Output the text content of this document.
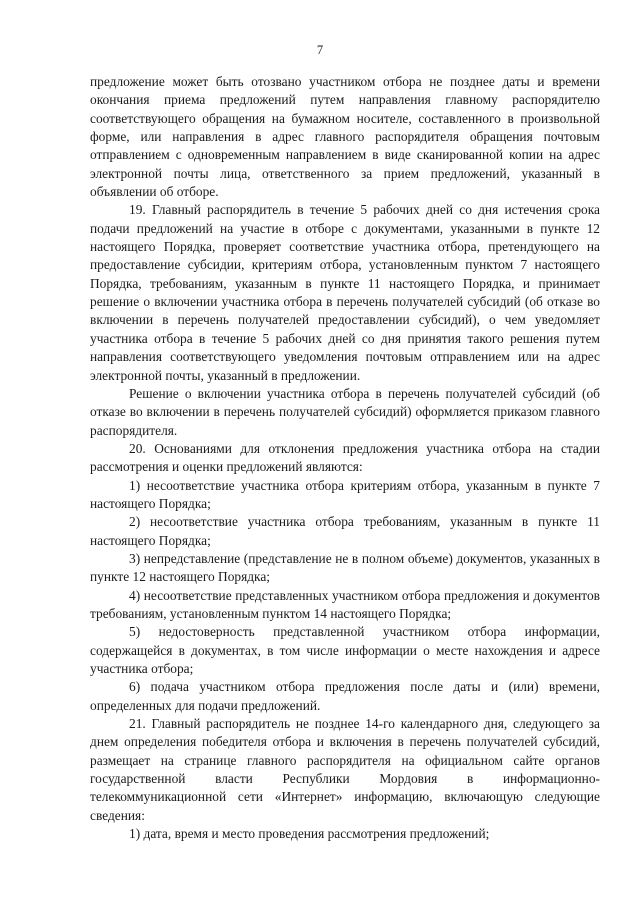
7

предложение может быть отозвано участником отбора не позднее даты и времени окончания приема предложений путем направления главному распорядителю соответствующего обращения на бумажном носителе, составленного в произвольной форме, или направления в адрес главного распорядителя обращения почтовым отправлением с одновременным направлением в виде сканированной копии на адрес электронной почты лица, ответственного за прием предложений, указанный в объявлении об отборе.

19. Главный распорядитель в течение 5 рабочих дней со дня истечения срока подачи предложений на участие в отборе с документами, указанными в пункте 12 настоящего Порядка, проверяет соответствие участника отбора, претендующего на предоставление субсидии, критериям отбора, установленным пунктом 7 настоящего Порядка, требованиям, указанным в пункте 11 настоящего Порядка, и принимает решение о включении участника отбора в перечень получателей субсидий (об отказе во включении в перечень получателей предоставлении субсидий), о чем уведомляет участника отбора в течение 5 рабочих дней со дня принятия такого решения путем направления соответствующего уведомления почтовым отправлением или на адрес электронной почты, указанный в предложении.

Решение о включении участника отбора в перечень получателей субсидий (об отказе во включении в перечень получателей субсидий) оформляется приказом главного распорядителя.

20. Основаниями для отклонения предложения участника отбора на стадии рассмотрения и оценки предложений являются:

1) несоответствие участника отбора критериям отбора, указанным в пункте 7 настоящего Порядка;

2) несоответствие участника отбора требованиям, указанным в пункте 11 настоящего Порядка;

3) непредставление (представление не в полном объеме) документов, указанных в пункте 12 настоящего Порядка;

4) несоответствие представленных участником отбора предложения и документов требованиям, установленным пунктом 14 настоящего Порядка;

5) недостоверность представленной участником отбора информации, содержащейся в документах, в том числе информации о месте нахождения и адресе участника отбора;

6) подача участником отбора предложения после даты и (или) времени, определенных для подачи предложений.

21. Главный распорядитель не позднее 14-го календарного дня, следующего за днем определения победителя отбора и включения в перечень получателей субсидий, размещает на странице главного распорядителя на официальном сайте органов государственной власти Республики Мордовия в информационно-телекоммуникационной сети «Интернет» информацию, включающую следующие сведения:

1) дата, время и место проведения рассмотрения предложений;
